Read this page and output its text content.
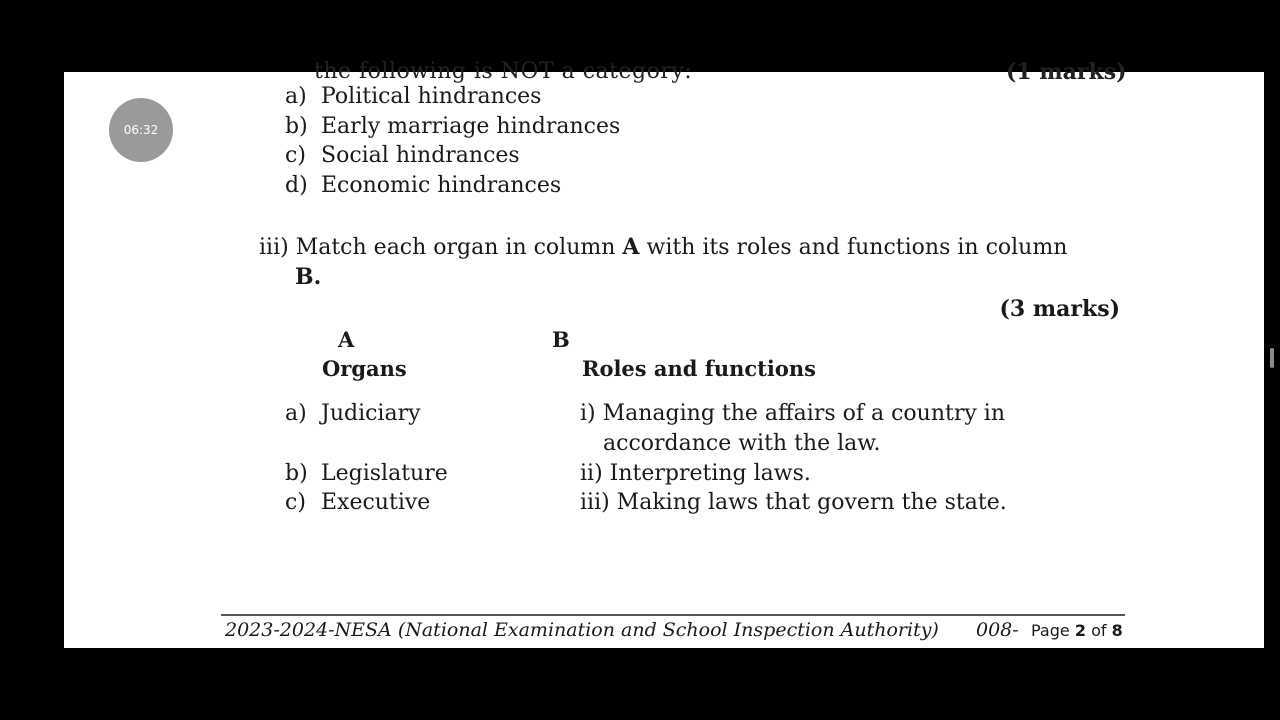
the following is NOT a category:	(1 marks)
a) Political hindrances
b) Early marriage hindrances
c) Social hindrances
d) Economic hindrances
iii) Match each organ in column A with its roles and functions in column
B.
(3 marks)
A
Organs
B
Roles and functions
a) Judiciary
b) Legislature
c) Executive
i) Managing the affairs of a country in
accordance with the law.
ii) Interpreting laws.
iii) Making laws that govern the state.
2023-2024-NESA (National Examination and School Inspection Authority) 008- Page 2 of 8
06:32
